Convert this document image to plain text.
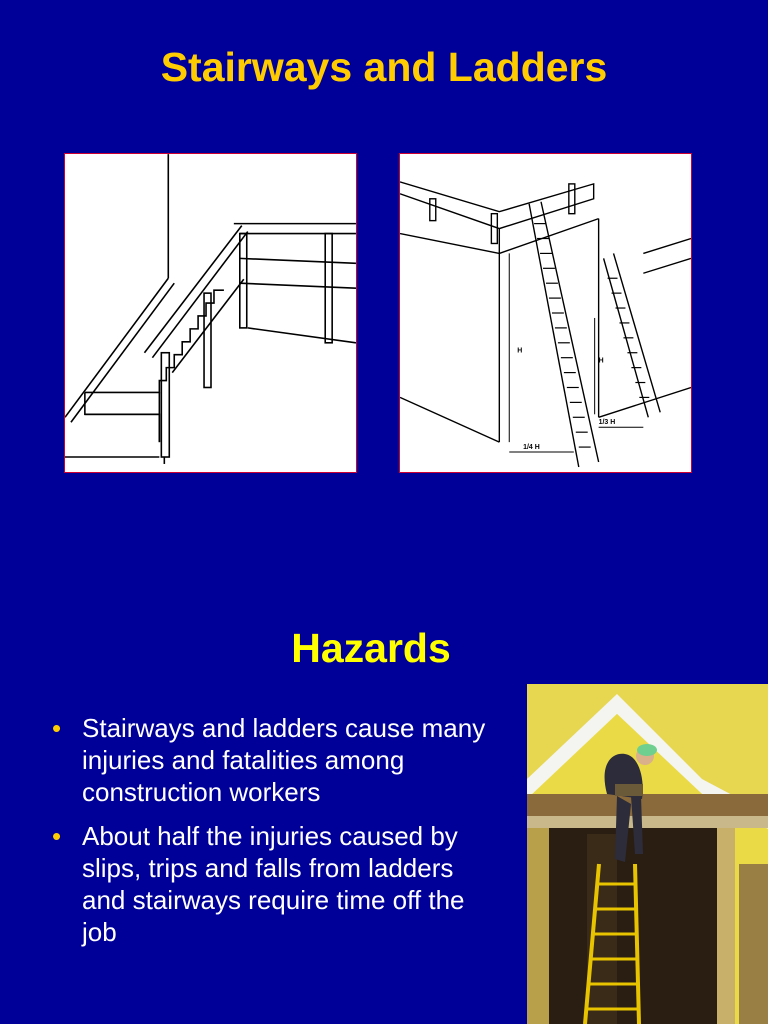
Stairways and Ladders
H
H
1/4 H
1/3 H
Hazards
• Stairways and ladders cause many injuries and fatalities among construction workers
• About half the injuries caused by slips, trips and falls from ladders and stairways require time off the job
